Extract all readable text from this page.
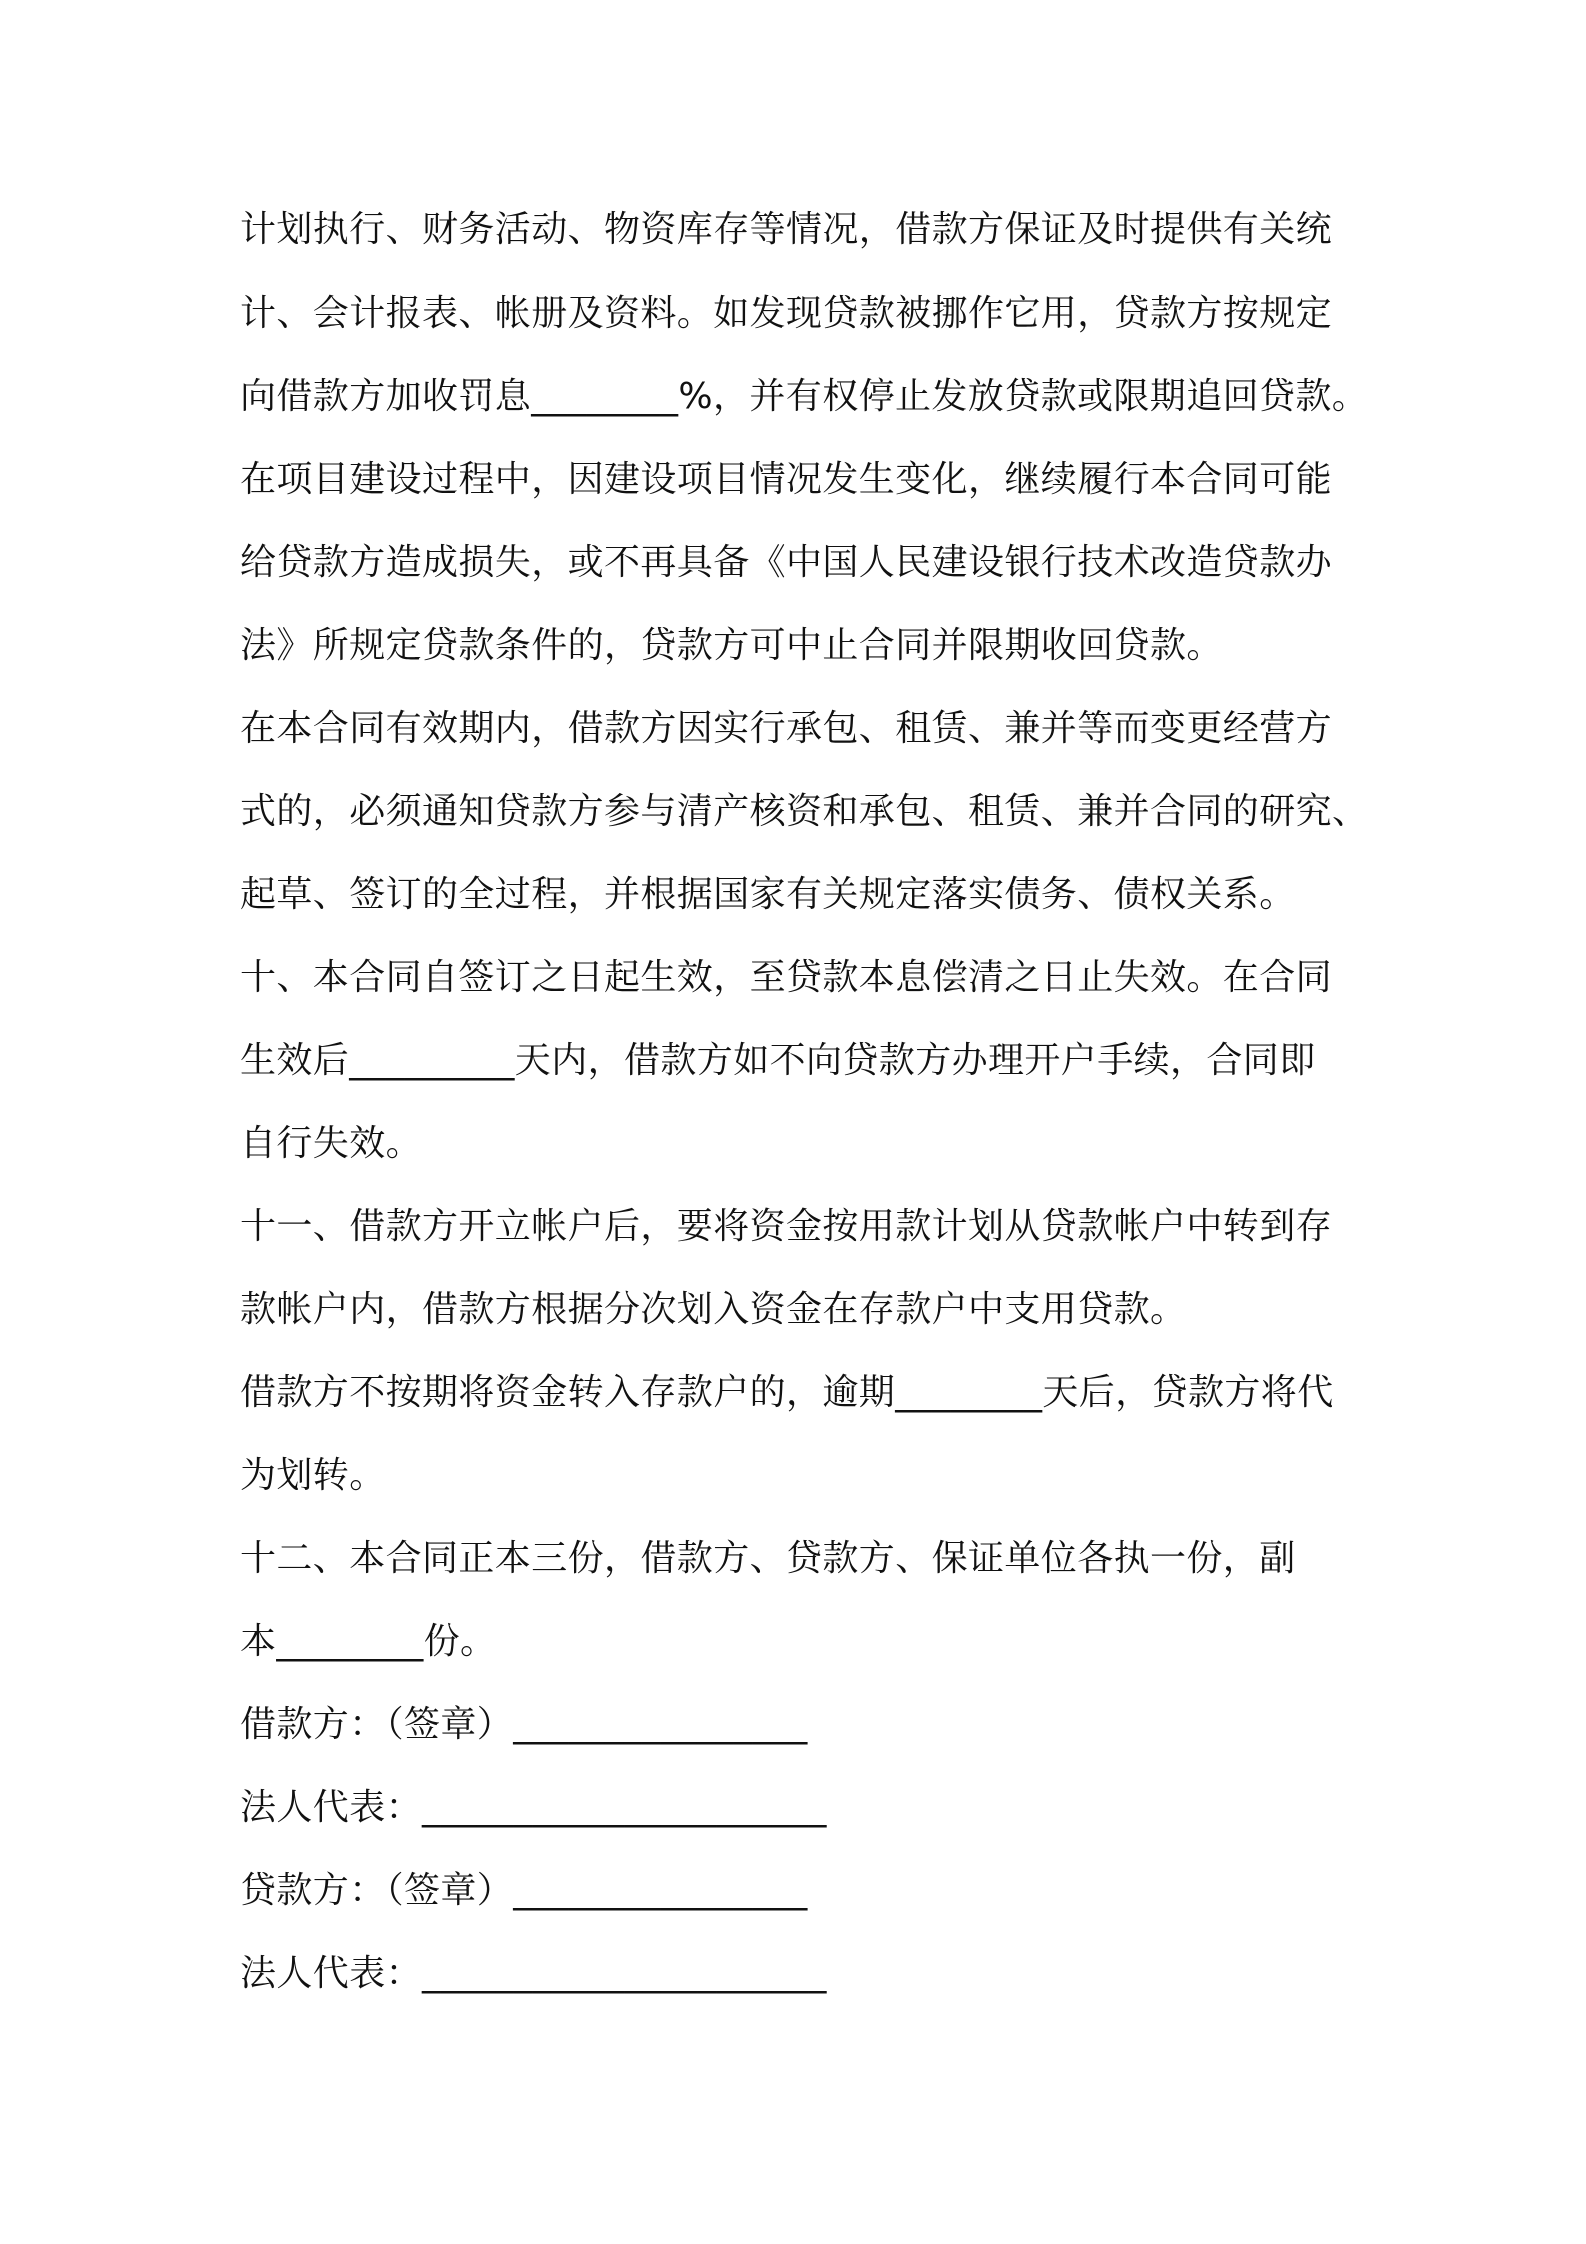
计划执行、财务活动、物资库存等情况，借款方保证及时提供有关统
计、会计报表、帐册及资料。如发现贷款被挪作它用，贷款方按规定
向借款方加收罚息________%，并有权停止发放贷款或限期追回贷款。
在项目建设过程中，因建设项目情况发生变化，继续履行本合同可能
给贷款方造成损失，或不再具备《中国人民建设银行技术改造贷款办
法》所规定贷款条件的，贷款方可中止合同并限期收回贷款。
在本合同有效期内，借款方因实行承包、租赁、兼并等而变更经营方
式的，必须通知贷款方参与清产核资和承包、租赁、兼并合同的研究、
起草、签订的全过程，并根据国家有关规定落实债务、债权关系。
十、本合同自签订之日起生效，至贷款本息偿清之日止失效。在合同
生效后_________天内，借款方如不向贷款方办理开户手续，合同即
自行失效。
十一、借款方开立帐户后，要将资金按用款计划从贷款帐户中转到存
款帐户内，借款方根据分次划入资金在存款户中支用贷款。
借款方不按期将资金转入存款户的，逾期________天后，贷款方将代
为划转。
十二、本合同正本三份，借款方、贷款方、保证单位各执一份，副
本________份。
借款方：（签章）________________
法人代表：______________________
贷款方：（签章）________________
法人代表：______________________
